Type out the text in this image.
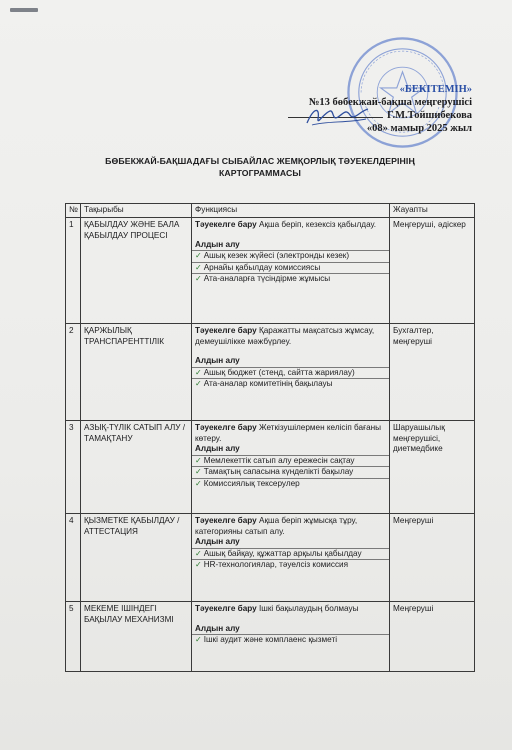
«БЕКІТЕМІН»
№13 бөбекжай-бақша меңгерушісі
Г.М.Тойшибекова
«08» мамыр 2025 жыл
БӨБЕКЖАЙ-БАҚШАДАҒЫ СЫБАЙЛАС ЖЕМҚОРЛЫҚ ТӘУЕКЕЛДЕРІНІҢ
КАРТОГРАММАСЫ
№	Тақырыбы	Функциясы	Жауапты
1	ҚАБЫЛДАУ ЖӘНЕ БАЛА ҚАБЫЛДАУ ПРОЦЕСІ	Тәуекелге бару Ақша беріп, кезексіз қабылдау.
Алдын алу
✓ Ашық кезек жүйесі (электронды кезек)
✓ Арнайы қабылдау комиссиясы
✓ Ата-аналарға түсіндірме жұмысы	Меңгеруші, әдіскер
2	ҚАРЖЫЛЫҚ ТРАНСПАРЕНТТІЛІК	Тәуекелге бару Қаражатты мақсатсыз жұмсау, демеушілікке мәжбүрлеу.
Алдын алу
✓ Ашық бюджет (стенд, сайтта жариялау)
✓ Ата-аналар комитетінің бақылауы	Бухгалтер, меңгеруші
3	АЗЫҚ-ТҮЛІК САТЫП АЛУ / ТАМАҚТАНУ	Тәуекелге бару Жеткізушілермен келісіп бағаны көтеру.
Алдын алу
✓ Мемлекеттік сатып алу ережесін сақтау
✓ Тамақтың сапасына күнделікті бақылау
✓ Комиссиялық тексерулер	Шаруашылық меңгерушісі, диетмедбике
4	ҚЫЗМЕТКЕ ҚАБЫЛДАУ / АТТЕСТАЦИЯ	Тәуекелге бару Ақша беріп жұмысқа тұру, категорияны сатып алу.
Алдын алу
✓ Ашық байқау, құжаттар арқылы қабылдау
✓ HR-технологиялар, тәуелсіз комиссия	Меңгеруші
5	МЕКЕМЕ ІШІНДЕГІ БАҚЫЛАУ МЕХАНИЗМІ	Тәуекелге бару Ішкі бақылаудың болмауы
Алдын алу
✓ Ішкі аудит және комплаенс қызметі	Меңгеруші
